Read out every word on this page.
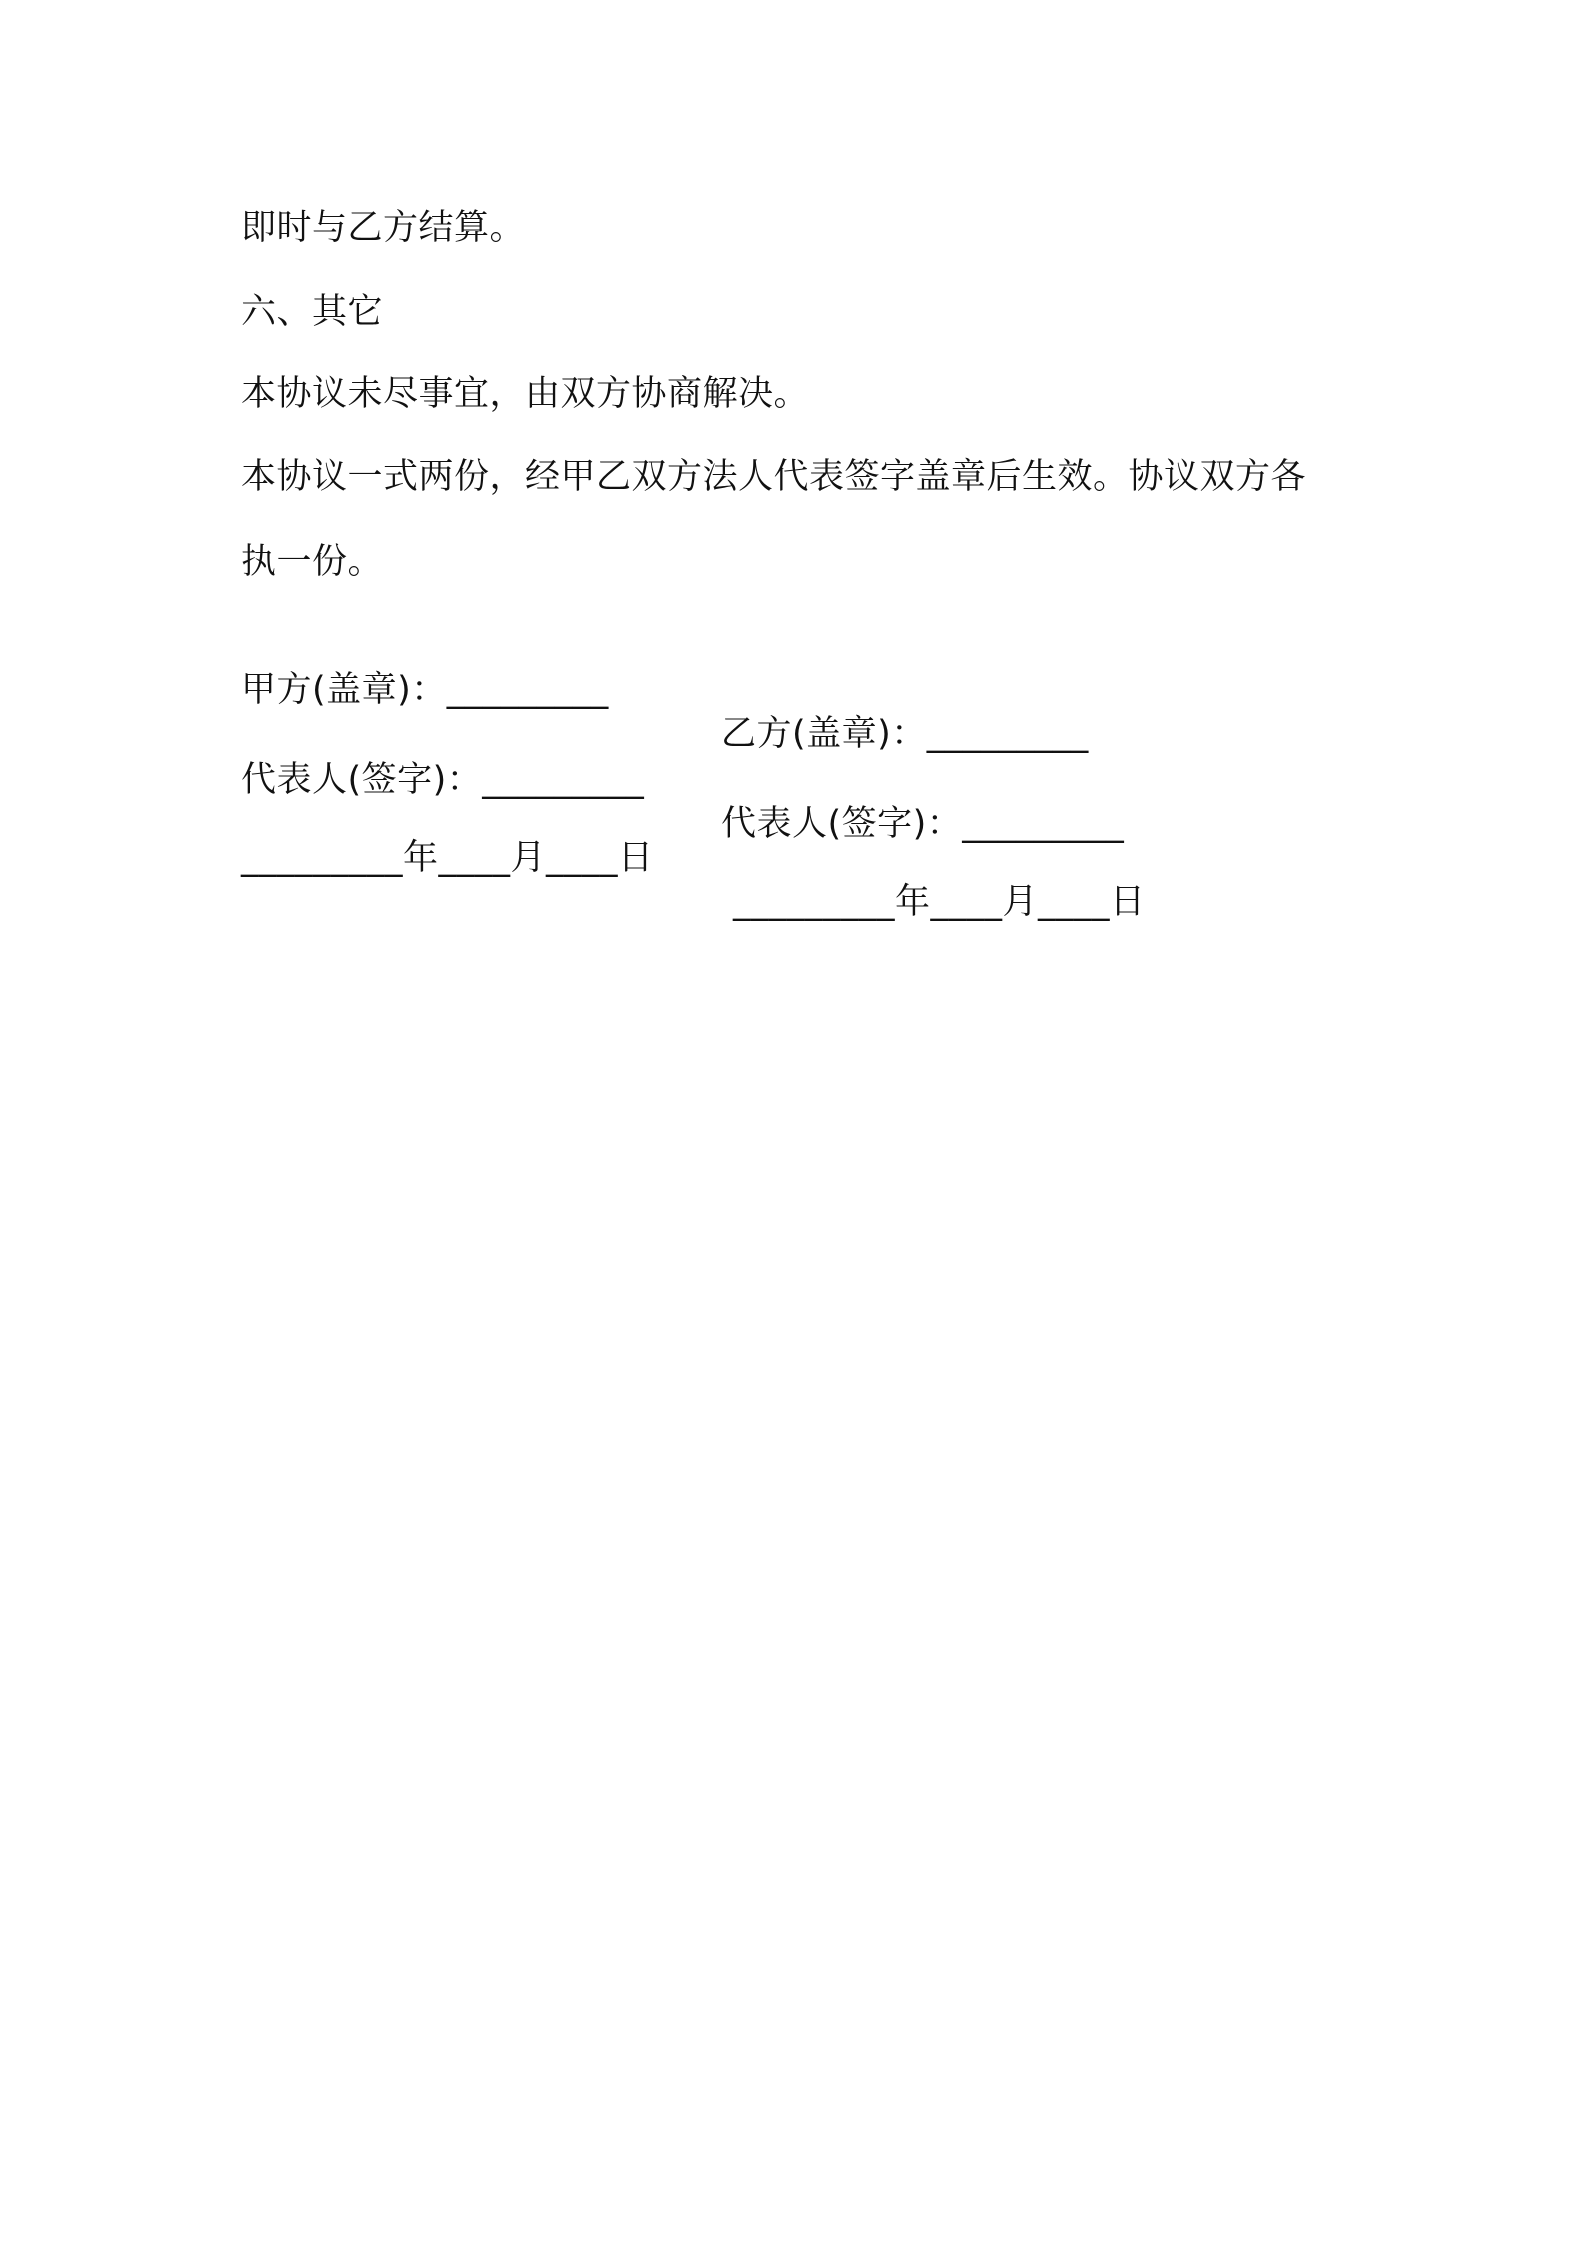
即时与乙方结算。
六、其它
本协议未尽事宜，由双方协商解决。
本协议一式两份，经甲乙双方法人代表签字盖章后生效。协议双方各
执一份。

甲方(盖章)：_________

乙方(盖章)：_________

代表人(签字)：_________

代表人(签字)：_________

_________年____月____日

_________年____月____日
